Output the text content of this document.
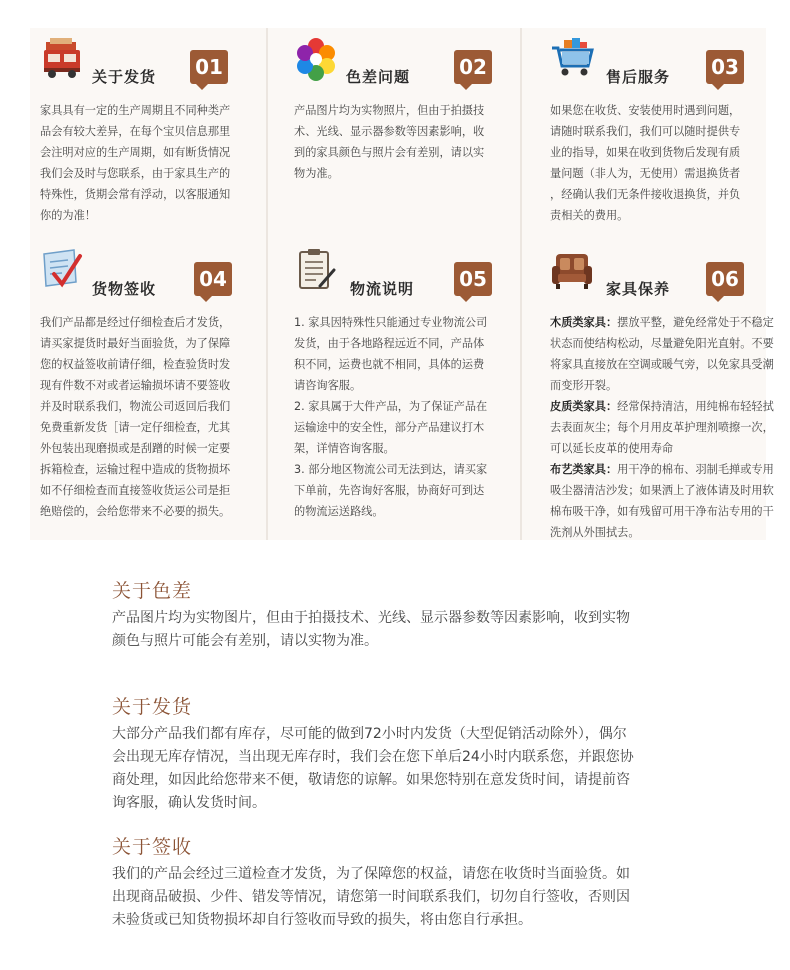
关于发货 01

家具具有一定的生产周期且不同种类产

品会有较大差异，在每个宝贝信息那里

会注明对应的生产周期，如有断货情况

我们会及时与您联系，由于家具生产的

特殊性，货期会常有浮动，以客服通知

你的为准！

色差问题 02

产品图片均为实物照片，但由于拍摄技

术、光线、显示器参数等因素影响，收

到的家具颜色与照片会有差别，请以实

物为准。

售后服务 03

如果您在收货、安装使用时遇到问题，

请随时联系我们，我们可以随时提供专

业的指导，如果在收到货物后发现有质

量问题（非人为，无使用）需退换货者

，经确认我们无条件接收退换货，并负

责相关的费用。

货物签收 04

我们产品都是经过仔细检查后才发货，

请买家提货时最好当面验货，为了保障

您的权益签收前请仔细，检查验货时发

现有件数不对或者运输损坏请不要签收

并及时联系我们，物流公司返回后我们

免费重新发货［请一定仔细检查，尤其

外包装出现磨损或是刮蹭的时候一定要

拆箱检查，运输过程中造成的货物损坏

如不仔细检查而直接签收货运公司是拒

绝赔偿的，会给您带来不必要的损失。

物流说明 05

1. 家具因特殊性只能通过专业物流公司

发货，由于各地路程远近不同，产品体

积不同，运费也就不相同，具体的运费

请咨询客服。

2. 家具属于大件产品，为了保证产品在

运输途中的安全性，部分产品建议打木

架，详情咨询客服。

3. 部分地区物流公司无法到达，请买家

下单前，先咨询好客服，协商好可到达

的物流运送路线。

家具保养 06

木质类家具：摆放平整，避免经常处于不稳定状态而使结构松动，尽量避免阳光直射。不要将家具直接放在空调或暖气旁，以免家具受潮而变形开裂。

皮质类家具：经常保持清洁，用纯棉布轻轻拭去表面灰尘；每个月用皮革护理剂喷擦一次，可以延长皮革的使用寿命

布艺类家具：用干净的棉布、羽制毛掸或专用吸尘器清洁沙发；如果洒上了液体请及时用软棉布吸干净，如有残留可用干净布沾专用的干洗剂从外围拭去。

关于色差
产品图片均为实物图片，但由于拍摄技术、光线、显示器参数等因素影响，收到实物
颜色与照片可能会有差别，请以实物为准。
关于发货
大部分产品我们都有库存，尽可能的做到72小时内发货（大型促销活动除外），偶尔
会出现无库存情况，当出现无库存时，我们会在您下单后24小时内联系您，并跟您协
商处理，如因此给您带来不便，敬请您的谅解。如果您特别在意发货时间，请提前咨
询客服，确认发货时间。
关于签收
我们的产品会经过三道检查才发货，为了保障您的权益，请您在收货时当面验货。如
出现商品破损、少件、错发等情况，请您第一时间联系我们，切勿自行签收，否则因
未验货或已知货物损坏却自行签收而导致的损失，将由您自行承担。
